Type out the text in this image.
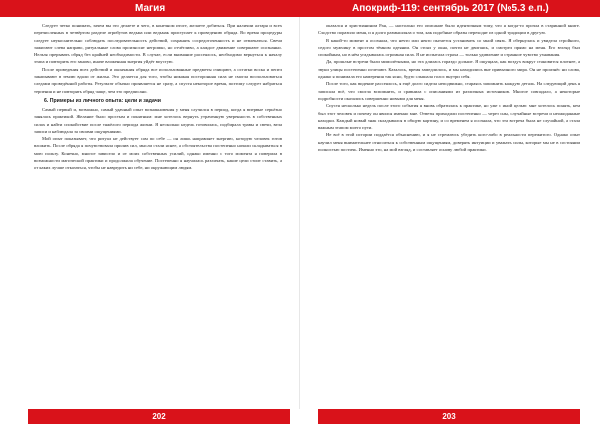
Магия

Следует четко понимать, зачем вы это делаете и чего, в конечном итоге, желаете добиться. При наличии алтаря и всех перечисленных в четвёртом разделе атрибутов ведьма или ведьмак приступает к проведению обряда. Во время процедуры следует неукоснительно соблюдать последовательность действий, сохранять сосредоточенность и не отвлекаться. Свечи зажигают слева направо, ритуальные слова произносят негромко, но отчётливо, а каждое движение совершают осознанно. Нельзя прерывать обряд без крайней необходимости. В случае, если внимание рассеялось, необходимо вернуться к началу этапа и повторить его заново, иначе вложенная энергия уйдёт впустую.

После проведения всех действий и окончания обряда все использованные предметы очищают, а остатки воска и пепел закапывают в землю вдали от жилья. Это делается для того, чтобы никакая посторонняя сила не смогла воспользоваться следами проведённой работы. Результат обычно проявляется не сразу, а спустя некоторое время, поэтому следует набраться терпения и не повторять обряд чаще, чем это предписано.

6. Примеры из личного опыта: цели и задачи

Самый первый и, возможно, самый удачный опыт возникновения у меня случился в период, когда я впервые серьёзно занялась практикой. Желание было простым и понятным: мне хотелось вернуть утраченную уверенность в собственных силах и найти спокойствие после тяжёлого периода жизни. Я несколько недель готовилась, подбирала травы и свечи, вела записи и наблюдала за своими ощущениями.

Мой опыт показывает, что ритуал не действует сам по себе — он лишь направляет энергию, которую человек готов вложить. После обряда я почувствовала прилив сил, мысли стали яснее, а обстоятельства постепенно начали складываться в мою пользу. Конечно, многое зависело и от моих собственных усилий, однако именно с того момента я поверила в возможности магической практики и продолжила обучение. Постепенно я научилась различать, какие цели стоит ставить, а от каких лучше отказаться, чтобы не навредить ни себе, ни окружающим людям.

202
Апокриф-119: сентябрь 2017 (№5.3 е.п.)

оказался и христианином Рая, — настолько его описание было идентичным тому, что я когда-то прочла в старинной книге. Сходство поразило меня, и я долго размышляла о том, как подобные образы переходят из одной традиции в другую.

В какой-то момент я осознала, что нечто или некто пытается установить со мной связь. Я обернулась и увидела стройного, седого мужчину в простом тёмном одеянии. Он стоял у окна, почти не двигаясь, и смотрел прямо на меня. Его взгляд был спокойным, но в нём угадывалась огромная сила. Я не испытала страха — только удивление и странное чувство узнавания.

Да, прошлые встречи были мимолётными, но эта длилась гораздо дольше. Я ощущала, как воздух вокруг становится плотнее, а звуки улицы постепенно исчезают. Казалось, время замедлилось, и мы находились вне привычного мира. Он не произнёс ни слова, однако я понимала его намерения так ясно, будто слышала голос внутри себя.

После того, как видение рассеялось, я ещё долго сидела неподвижно, стараясь запомнить каждую деталь. На следующий день я записала всё, что смогла вспомнить, и сравнила с описаниями из различных источников. Многое совпадало, а некоторые подробности оказались совершенно новыми для меня.

Спустя несколько недель после этого события я вновь обратилась к практике, но уже с иной целью: мне хотелось понять, кем был этот человек и почему он явился именно мне. Ответы приходили постепенно — через сны, случайные встречи и неожиданные находки. Каждый новый знак складывался в общую картину, и со временем я осознала, что эта встреча была не случайной, а стала важным этапом моего пути.

Не всё в этой истории поддаётся объяснению, и я не стремлюсь убедить кого-либо в реальности пережитого. Однако опыт научил меня внимательнее относиться к собственным ощущениям, доверять интуиции и уважать силы, которые мы не в состоянии полностью постичь. Именно это, на мой взгляд, и составляет основу любой практики.

203
